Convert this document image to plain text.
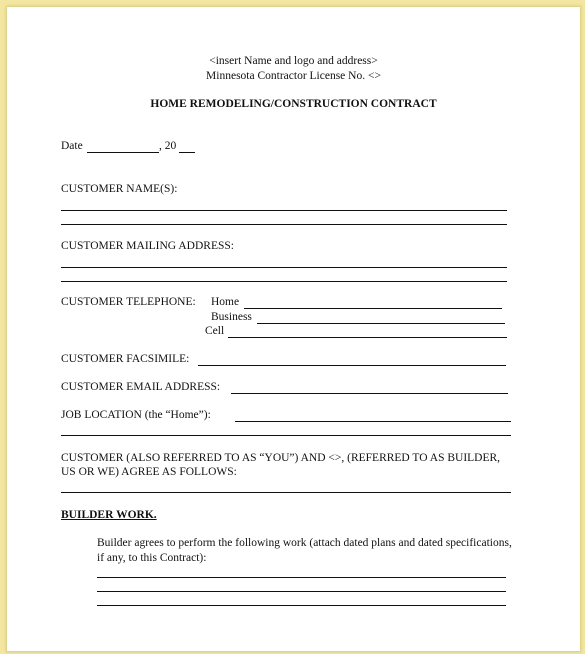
<insert Name and logo and address>
Minnesota Contractor License No. <>
HOME REMODELING/CONSTRUCTION CONTRACT
Date	, 20
CUSTOMER NAME(S):
CUSTOMER MAILING ADDRESS:
CUSTOMER TELEPHONE: Home
Business
Cell
CUSTOMER FACSIMILE:
CUSTOMER EMAIL ADDRESS:
JOB LOCATION (the “Home”):
CUSTOMER (ALSO REFERRED TO AS “YOU”) AND <>, (REFERRED TO AS BUILDER,
US OR WE) AGREE AS FOLLOWS:
BUILDER WORK.
Builder agrees to perform the following work (attach dated plans and dated specifications,
if any, to this Contract):
